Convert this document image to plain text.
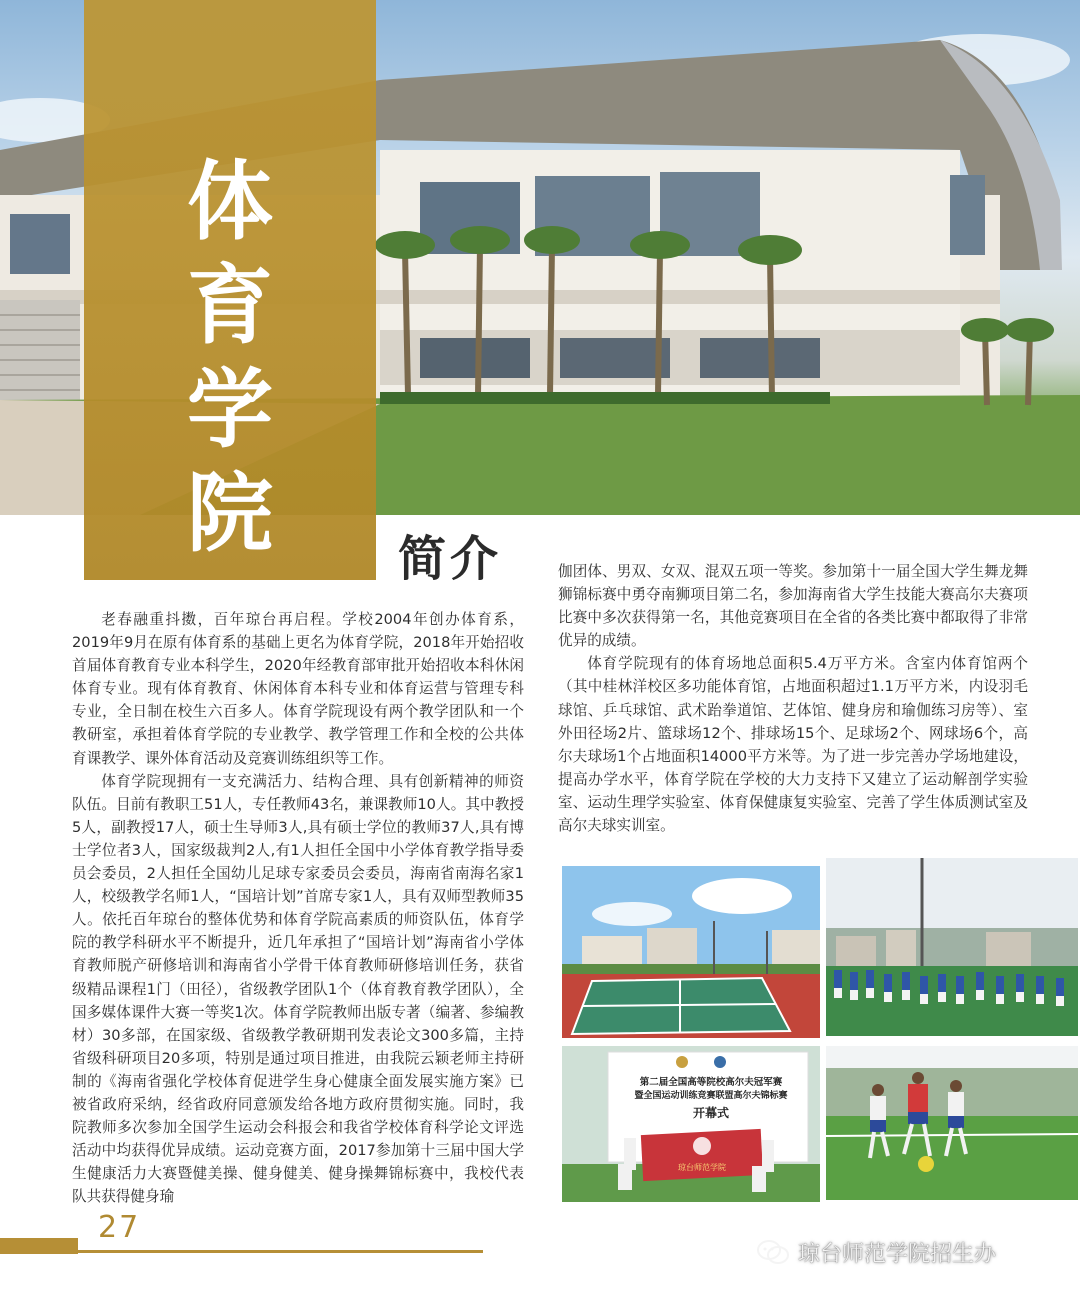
体
育
学
院	简介

老春融重抖擞，百年琼台再启程。学校2004年创办体育系，2019年9月在原有体育系的基础上更名为体育学院，2018年开始招收首届体育教育专业本科学生，2020年经教育部审批开始招收本科休闲体育专业。现有体育教育、休闲体育本科专业和体育运营与管理专科专业，全日制在校生六百多人。体育学院现设有两个教学团队和一个教研室，承担着体育学院的专业教学、教学管理工作和全校的公共体育课教学、课外体育活动及竞赛训练组织等工作。

体育学院现拥有一支充满活力、结构合理、具有创新精神的师资队伍。目前有教职工51人，专任教师43名，兼课教师10人。其中教授5人，副教授17人，硕士生导师3人,具有硕士学位的教师37人,具有博士学位者3人，国家级裁判2人,有1人担任全国中小学体育教学指导委员会委员，2人担任全国幼儿足球专家委员会委员，海南省南海名家1人，校级教学名师1人，“国培计划”首席专家1人，具有双师型教师35人。依托百年琼台的整体优势和体育学院高素质的师资队伍，体育学院的教学科研水平不断提升，近几年承担了“国培计划”海南省小学体育教师脱产研修培训和海南省小学骨干体育教师研修培训任务，获省级精品课程1门（田径），省级教学团队1个（体育教育教学团队），全国多媒体课件大赛一等奖1次。体育学院教师出版专著（编著、参编教材）30多部，在国家级、省级教学教研期刊发表论文300多篇，主持省级科研项目20多项，特别是通过项目推进，由我院云颖老师主持研制的《海南省强化学校体育促进学生身心健康全面发展实施方案》已被省政府采纳，经省政府同意颁发给各地方政府贯彻实施。同时，我院教师多次参加全国学生运动会科报会和我省学校体育科学论文评选活动中均获得优异成绩。运动竞赛方面，2017参加第十三届中国大学生健康活力大赛暨健美操、健身健美、健身操舞锦标赛中，我校代表队共获得健身瑜

伽团体、男双、女双、混双五项一等奖。参加第十一届全国大学生舞龙舞狮锦标赛中勇夺南狮项目第二名，参加海南省大学生技能大赛高尔夫赛项比赛中多次获得第一名，其他竞赛项目在全省的各类比赛中都取得了非常优异的成绩。

体育学院现有的体育场地总面积5.4万平方米。含室内体育馆两个（其中桂林洋校区多功能体育馆，占地面积超过1.1万平方米，内设羽毛球馆、乒乓球馆、武术跆拳道馆、艺体馆、健身房和瑜伽练习房等）、室外田径场2片、篮球场12个、排球场15个、足球场2个、网球场6个，高尔夫球场1个占地面积14000平方米等。为了进一步完善办学场地建设，提高办学水平，体育学院在学校的大力支持下又建立了运动解剖学实验室、运动生理学实验室、体育保健康复实验室、完善了学生体质测试室及高尔夫球实训室。

第二届全国高等院校高尔夫冠军赛
暨全国运动训练竞赛联盟高尔夫锦标赛
开幕式
琼台师范学院
27
琼台师范学院招生办
